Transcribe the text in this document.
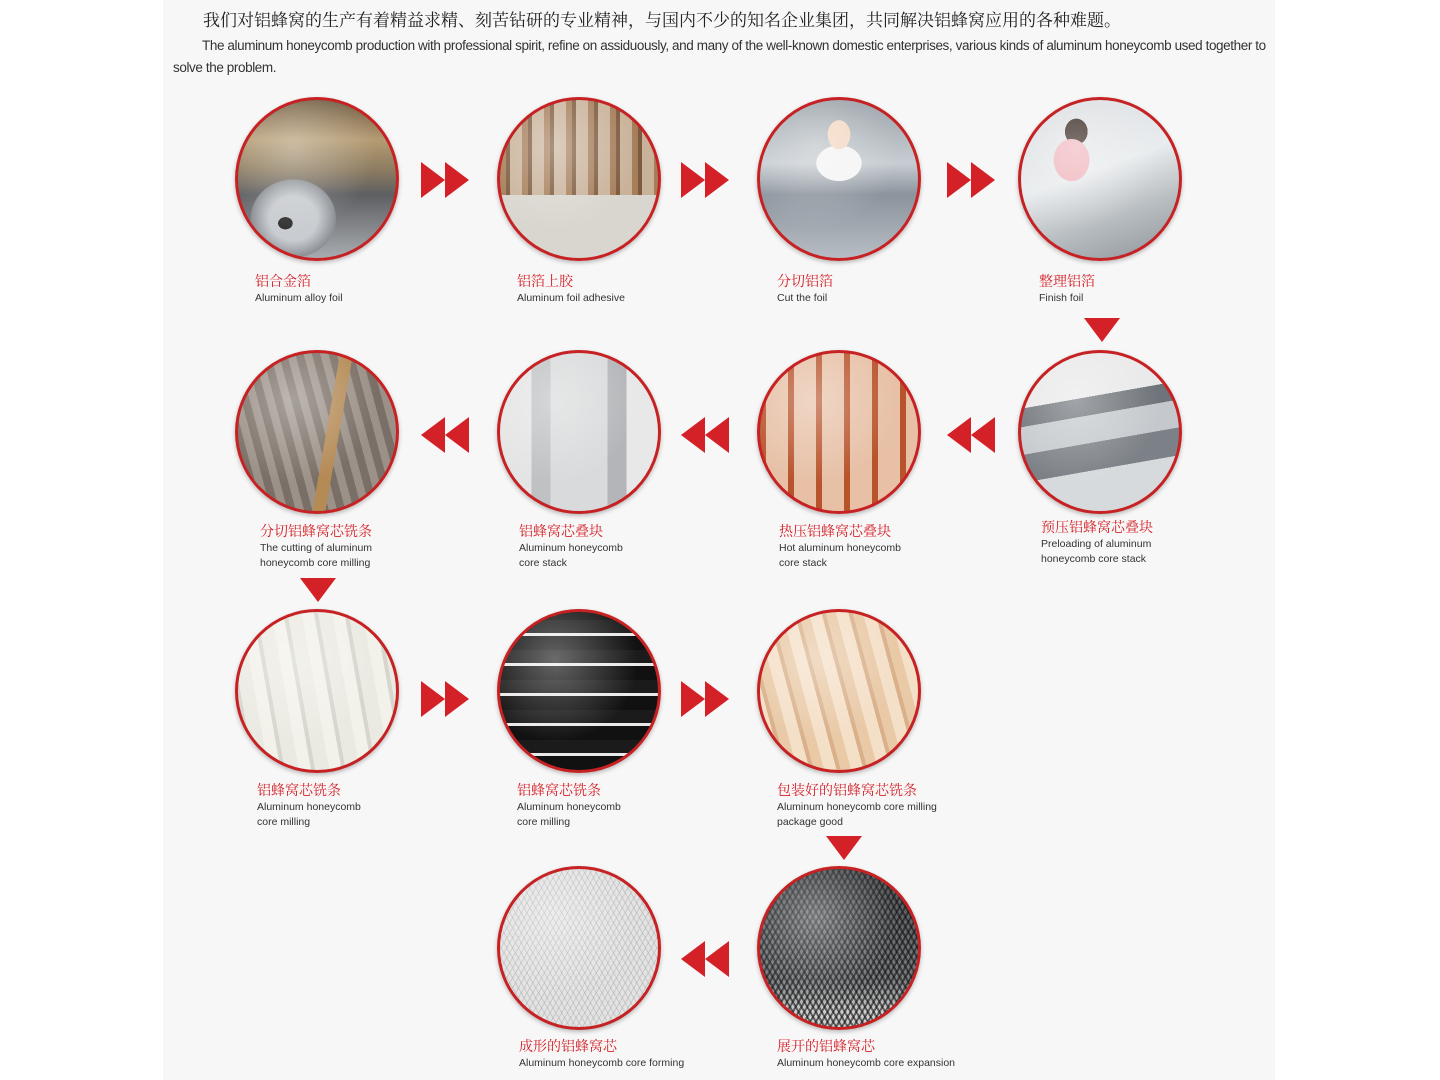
我们对铝蜂窝的生产有着精益求精、刻苦钻研的专业精神，与国内不少的知名企业集团，共同解决铝蜂窝应用的各种难题。
The aluminum honeycomb production with professional spirit, refine on assiduously, and many of the well-known domestic enterprises, various kinds of aluminum honeycomb used together to solve the problem.
铝合金箔
Aluminum alloy foil
铝箔上胶
Aluminum foil adhesive
分切铝箔
Cut the foil
整理铝箔
Finish foil
分切铝蜂窝芯铣条
The cutting of aluminum
honeycomb core milling
铝蜂窝芯叠块
Aluminum honeycomb
core stack
热压铝蜂窝芯叠块
Hot aluminum honeycomb
core stack
预压铝蜂窝芯叠块
Preloading of aluminum
honeycomb core stack
铝蜂窝芯铣条
Aluminum honeycomb
core milling
铝蜂窝芯铣条
Aluminum honeycomb
core milling
包装好的铝蜂窝芯铣条
Aluminum honeycomb core milling
package good
成形的铝蜂窝芯
Aluminum honeycomb core forming
展开的铝蜂窝芯
Aluminum honeycomb core expansion
